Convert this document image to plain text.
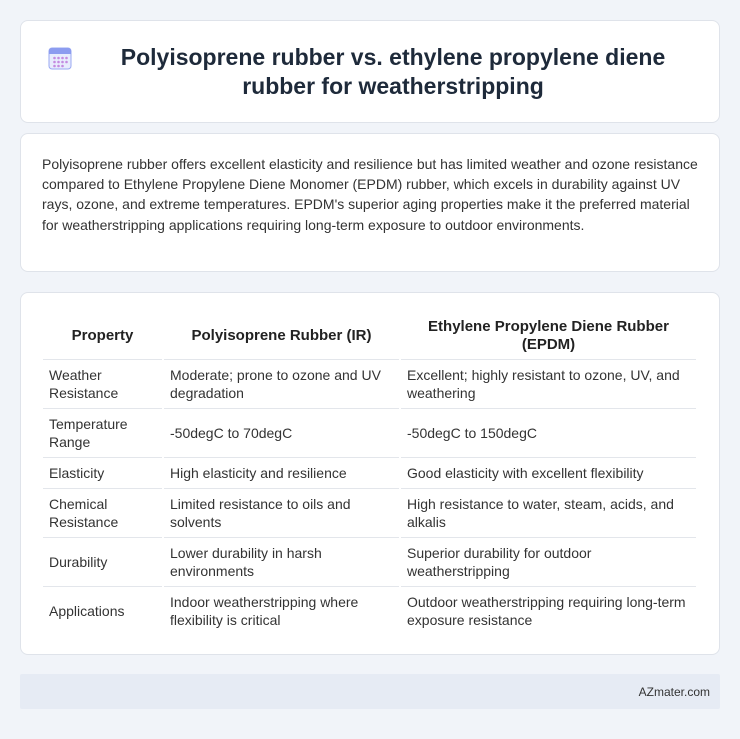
Polyisoprene rubber vs. ethylene propylene diene rubber for weatherstripping

Polyisoprene rubber offers excellent elasticity and resilience but has limited weather and ozone resistance compared to Ethylene Propylene Diene Monomer (EPDM) rubber, which excels in durability against UV rays, ozone, and extreme temperatures. EPDM's superior aging properties make it the preferred material for weatherstripping applications requiring long-term exposure to outdoor environments.

Property	Polyisoprene Rubber (IR)	Ethylene Propylene Diene Rubber (EPDM)
Weather Resistance	Moderate; prone to ozone and UV degradation	Excellent; highly resistant to ozone, UV, and weathering
Temperature Range	-50degC to 70degC	-50degC to 150degC
Elasticity	High elasticity and resilience	Good elasticity with excellent flexibility
Chemical Resistance	Limited resistance to oils and solvents	High resistance to water, steam, acids, and alkalis
Durability	Lower durability in harsh environments	Superior durability for outdoor weatherstripping
Applications	Indoor weatherstripping where flexibility is critical	Outdoor weatherstripping requiring long-term exposure resistance
AZmater.com
